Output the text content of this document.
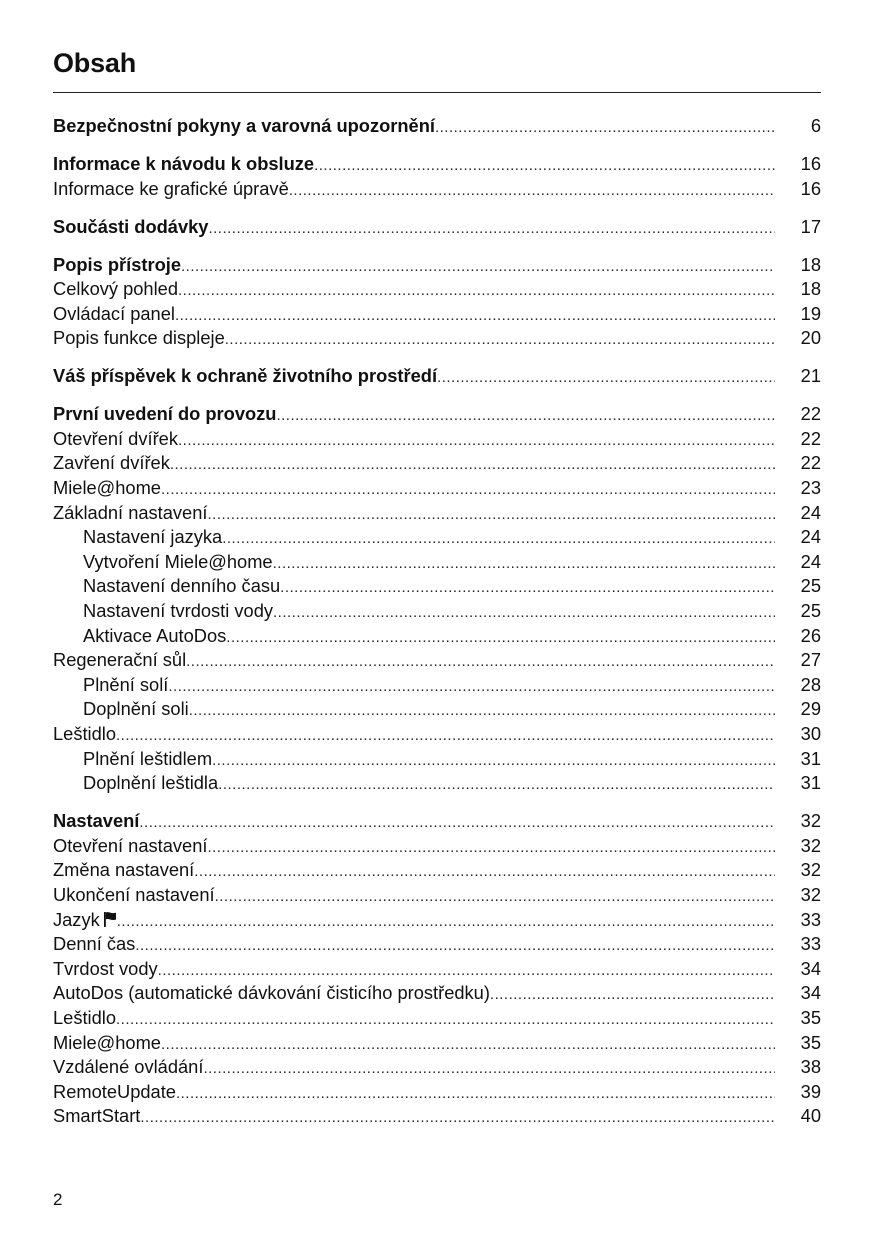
Obsah
Bezpečnostní pokyny a varovná upozornění .....	6
Informace k návodu k obsluze .....	16
Informace ke grafické úpravě .....	16
Součásti dodávky .....	17
Popis přístroje .....	18
Celkový pohled .....	18
Ovládací panel .....	19
Popis funkce displeje .....	20
Váš příspěvek k ochraně životního prostředí .....	21
První uvedení do provozu .....	22
Otevření dvířek .....	22
Zavření dvířek .....	22
Miele@home .....	23
Základní nastavení .....	24
Nastavení jazyka .....	24
Vytvoření Miele@home .....	24
Nastavení denního času .....	25
Nastavení tvrdosti vody .....	25
Aktivace AutoDos .....	26
Regenerační sůl .....	27
Plnění solí .....	28
Doplnění soli .....	29
Leštidlo .....	30
Plnění leštidlem .....	31
Doplnění leštidla .....	31
Nastavení .....	32
Otevření nastavení .....	32
Změna nastavení .....	32
Ukončení nastavení .....	32
Jazyk .....	33
Denní čas .....	33
Tvrdost vody .....	34
AutoDos (automatické dávkování čisticího prostředku) .....	34
Leštidlo .....	35
Miele@home .....	35
Vzdálené ovládání .....	38
RemoteUpdate .....	39
SmartStart .....	40
2
